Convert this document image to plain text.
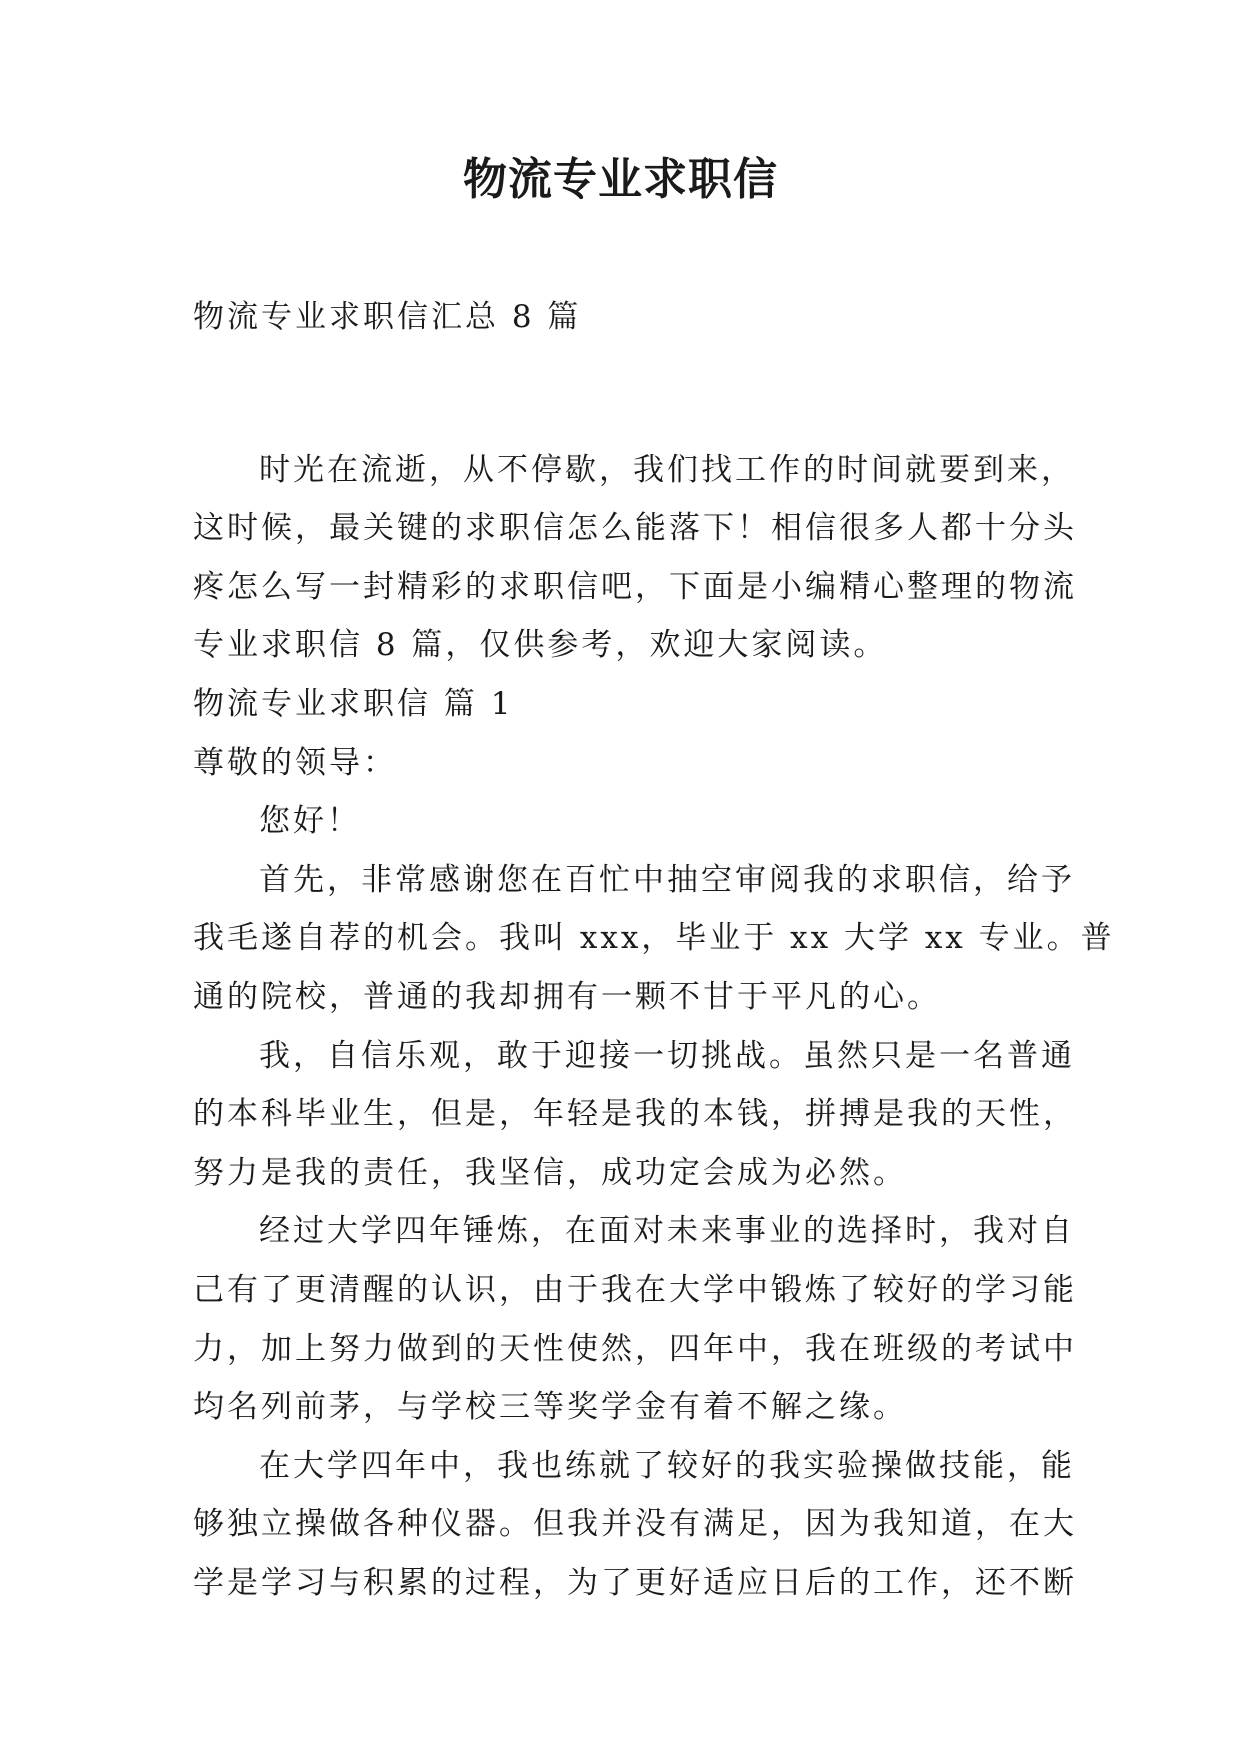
物流专业求职信
物流专业求职信汇总 8 篇
时光在流逝，从不停歇，我们找工作的时间就要到来，
这时候，最关键的求职信怎么能落下！相信很多人都十分头
疼怎么写一封精彩的求职信吧，下面是小编精心整理的物流
专业求职信 8 篇，仅供参考，欢迎大家阅读。
物流专业求职信 篇 1
尊敬的领导：
您好！
首先，非常感谢您在百忙中抽空审阅我的求职信，给予
我毛遂自荐的机会。我叫 xxx，毕业于 xx 大学 xx 专业。普
通的院校，普通的我却拥有一颗不甘于平凡的心。
我，自信乐观，敢于迎接一切挑战。虽然只是一名普通
的本科毕业生，但是，年轻是我的本钱，拼搏是我的天性，
努力是我的责任，我坚信，成功定会成为必然。
经过大学四年锤炼，在面对未来事业的选择时，我对自
己有了更清醒的认识，由于我在大学中锻炼了较好的学习能
力，加上努力做到的天性使然，四年中，我在班级的考试中
均名列前茅，与学校三等奖学金有着不解之缘。
在大学四年中，我也练就了较好的我实验操做技能，能
够独立操做各种仪器。但我并没有满足，因为我知道，在大
学是学习与积累的过程，为了更好适应日后的工作，还不断
